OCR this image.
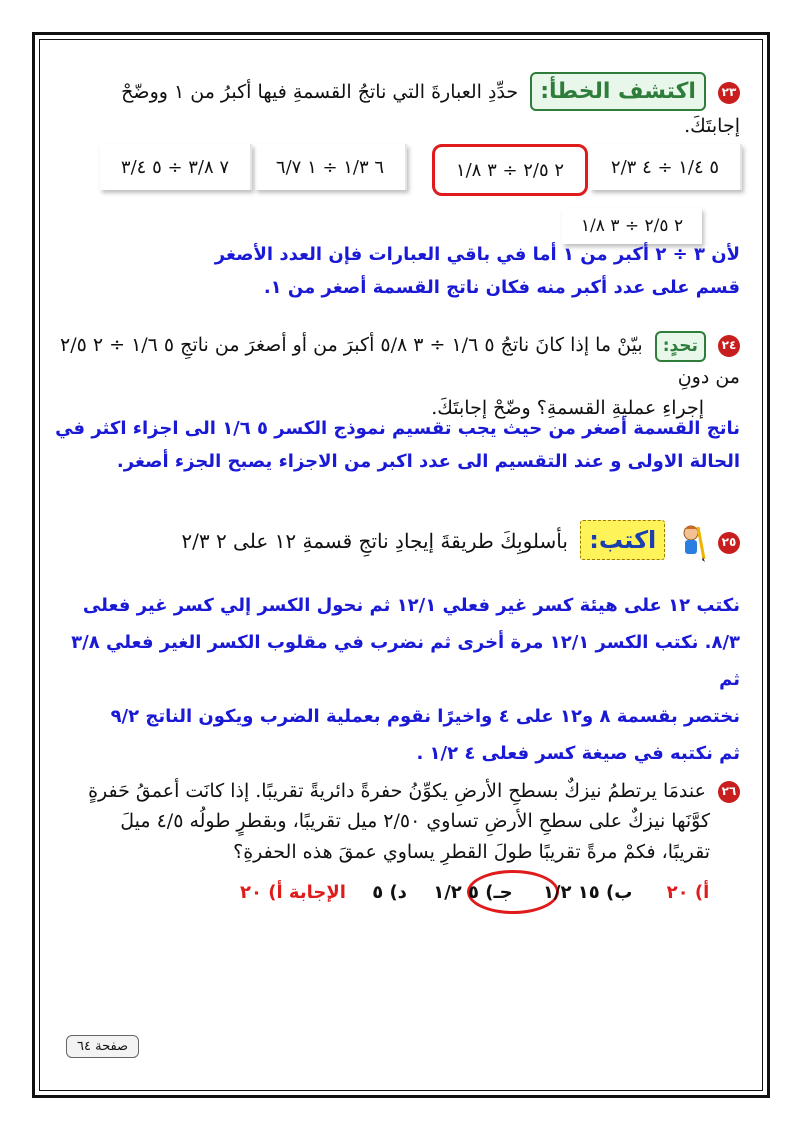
٢٣ اكتشف الخطأ: حدِّدِ العبارةَ التي ناتجُ القسمةِ فيها أكبرُ من ١ ووضّحْ إجابتَكَ.
٥ ١/٤ ÷ ٤ ٢/٣
٢ ٢/٥ ÷ ٣ ١/٨
٦ ١/٣ ÷ ١ ٦/٧
٧ ٣/٨ ÷ ٥ ٣/٤
٢ ٢/٥ ÷ ٣ ١/٨
لأن ٣ ÷ ٢ أكبر من ١ أما في باقي العبارات فإن العدد الأصغر
قسم على عدد أكبر منه فكان ناتج القسمة أصغر من ١.
٢٤ تحدٍ: بيّنْ ما إذا كانَ ناتجُ ٥ ١/٦ ÷ ٣ ٥/٨ أكبرَ من أو أصغرَ من ناتجِ ٥ ١/٦ ÷ ٢ ٢/٥ من دونِ
إجراءِ عمليةِ القسمةِ؟ وضّحْ إجابتَكَ.
ناتج القسمة أصغر من حيث يجب تقسيم نموذج الكسر ٥ ١/٦ الى اجزاء اكثر في
الحالة الاولى و عند التقسيم الى عدد اكبر من الاجزاء يصبح الجزء أصغر.
٢٥  اكتب: بأسلوبِكَ طريقةَ إيجادِ ناتجِ قسمةِ ١٢ على ٢ ٢/٣
نكتب ١٢ على هيئة كسر غير فعلي ١٢/١ ثم نحول الكسر إلي كسر غير فعلى
٨/٣. نكتب الكسر ١٢/١ مرة أخرى ثم نضرب في مقلوب الكسر الغير فعلي ٣/٨ ثم
نختصر بقسمة ٨ و١٢ على ٤ واخيرًا نقوم بعملية الضرب ويكون الناتج ٩/٢
ثم نكتبه في صيغة كسر فعلى ٤ ١/٢ .
٢٦ عندمَا يرتطمُ نيزكٌ بسطحِ الأرضِ يكوِّنُ حفرةً دائريةً تقريبًا. إذا كانَت أعمقُ حَفرةٍ
كوَّنَها نيزكٌ على سطحِ الأرضِ تساوي ٢/٥٠ ميل تقريبًا، وبقطرٍ طولُه ٤/٥ ميلَ
تقريبًا، فكمْ مرةً تقريبًا طولَ القطرِ يساوي عمقَ هذه الحفرةِ؟
أ) ٢٠ ب) ١٥ ١/٢ جـ) ٥ ١/٢ د) ٥ الإجابة أ) ٢٠
صفحة ٦٤
